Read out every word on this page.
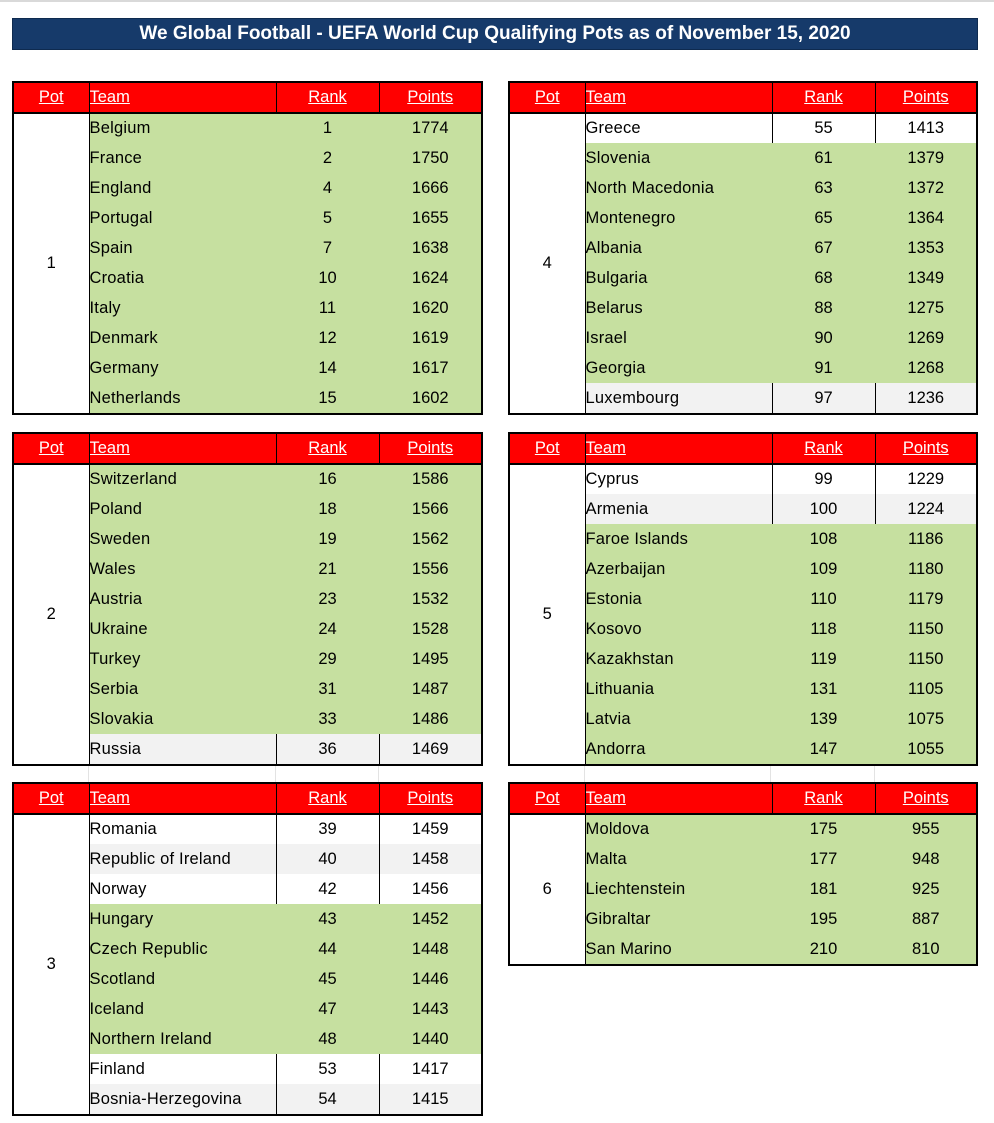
We Global Football - UEFA World Cup Qualifying Pots as of November 15, 2020
Pot	Team	Rank	Points
1	Belgium	1	1774
	France	2	1750
	England	4	1666
	Portugal	5	1655
	Spain	7	1638
	Croatia	10	1624
	Italy	11	1620
	Denmark	12	1619
	Germany	14	1617
	Netherlands	15	1602
Pot	Team	Rank	Points
2	Switzerland	16	1586
	Poland	18	1566
	Sweden	19	1562
	Wales	21	1556
	Austria	23	1532
	Ukraine	24	1528
	Turkey	29	1495
	Serbia	31	1487
	Slovakia	33	1486
	Russia	36	1469
Pot	Team	Rank	Points
3	Romania	39	1459
	Republic of Ireland	40	1458
	Norway	42	1456
	Hungary	43	1452
	Czech Republic	44	1448
	Scotland	45	1446
	Iceland	47	1443
	Northern Ireland	48	1440
	Finland	53	1417
	Bosnia-Herzegovina	54	1415
Pot	Team	Rank	Points
4	Greece	55	1413
	Slovenia	61	1379
	North Macedonia	63	1372
	Montenegro	65	1364
	Albania	67	1353
	Bulgaria	68	1349
	Belarus	88	1275
	Israel	90	1269
	Georgia	91	1268
	Luxembourg	97	1236
Pot	Team	Rank	Points
5	Cyprus	99	1229
	Armenia	100	1224
	Faroe Islands	108	1186
	Azerbaijan	109	1180
	Estonia	110	1179
	Kosovo	118	1150
	Kazakhstan	119	1150
	Lithuania	131	1105
	Latvia	139	1075
	Andorra	147	1055
Pot	Team	Rank	Points
6	Moldova	175	955
	Malta	177	948
	Liechtenstein	181	925
	Gibraltar	195	887
	San Marino	210	810
